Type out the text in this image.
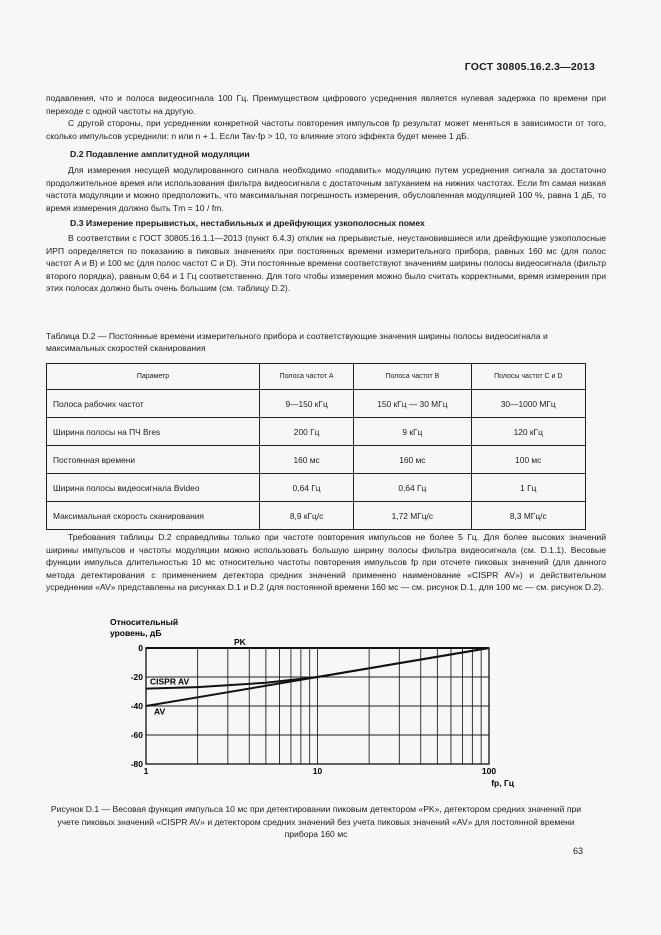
ГОСТ 30805.16.2.3—2013

подавления, что и полоса видеосигнала 100 Гц. Преимуществом цифрового усреднения является нулевая задержка по времени при переходе с одной частоты на другую.

С другой стороны, при усреднении конкретной частоты повторения импульсов fp результат может меняться в зависимости от того, сколько импульсов усреднили: n или n + 1. Если Tav·fp > 10, то влияние этого эффекта будет менее 1 дБ.

D.2 Подавление амплитудной модуляции

Для измерения несущей модулированного сигнала необходимо «подавить» модуляцию путем усреднения сигнала за достаточно продолжительное время или использования фильтра видеосигнала с достаточным затуханием на нижних частотах. Если fm самая низкая частота модуляции и можно предположить, что максимальная погрешность измерения, обусловленная модуляцией 100 %, равна 1 дБ, то время измерения должно быть Tm = 10 / fm.

D.3 Измерение прерывистых, нестабильных и дрейфующих узкополосных помех

В соответствии с ГОСТ 30805.16.1.1—2013 (пункт 6.4.3) отклик на прерывистые, неустановившиеся или дрейфующие узкополосные ИРП определяется по показанию в пиковых значениях при постоянных времени измерительного прибора, равных 160 мс (для полос частот A и B) и 100 мс (для полос частот C и D). Эти постоянные времени соответствуют значениям ширины полосы видеосигнала (фильтр второго порядка), равным 0,64 и 1 Гц соответственно. Для того чтобы измерения можно было считать корректными, время измерения при этих полосах должно быть очень большим (см. таблицу D.2).

Таблица D.2 — Постоянные времени измерительного прибора и соответствующие значения ширины полосы видеосигнала и максимальных скоростей сканирования
Параметр	Полоса частот A	Полоса частот B	Полосы частот C и D
Полоса рабочих частот	9—150 кГц	150 кГц — 30 МГц	30—1000 МГц
Ширина полосы на ПЧ Bres	200 Гц	9 кГц	120 кГц
Постоянная времени	160 мс	160 мс	100 мс
Ширина полосы видеосигнала Bvideo	0,64 Гц	0,64 Гц	1 Гц
Максимальная скорость сканирования	8,9 кГц/с	1,72 МГц/с	8,3 МГц/с

Требования таблицы D.2 справедливы только при частоте повторения импульсов не более 5 Гц. Для более высоких значений ширины импульсов и частоты модуляции можно использовать большую ширину полосы фильтра видеосигнала (см. D.1.1). Весовые функции импульса длительностью 10 мс относительно частоты повторения импульсов fp при отсчете пиковых значений (для данного метода детектирования с применением детектора средних значений применено наименование «CISPR AV») и действительном усреднении «AV» представлены на рисунках D.1 и D.2 (для постоянной времени 160 мс — см. рисунок D.1, для 100 мс — см. рисунок D.2).

Относительный уровень, дБ
fp, Гц
0
-20
-40
-60
-80
1	10	100
PK
CISPR AV
AV
Рисунок D.1 — Весовая функция импульса 10 мс при детектировании пиковым детектором «PK», детектором средних значений при учете пиковых значений «CISPR AV» и детектором средних значений без учета пиковых значений «AV» для постоянной времени прибора 160 мс
63
